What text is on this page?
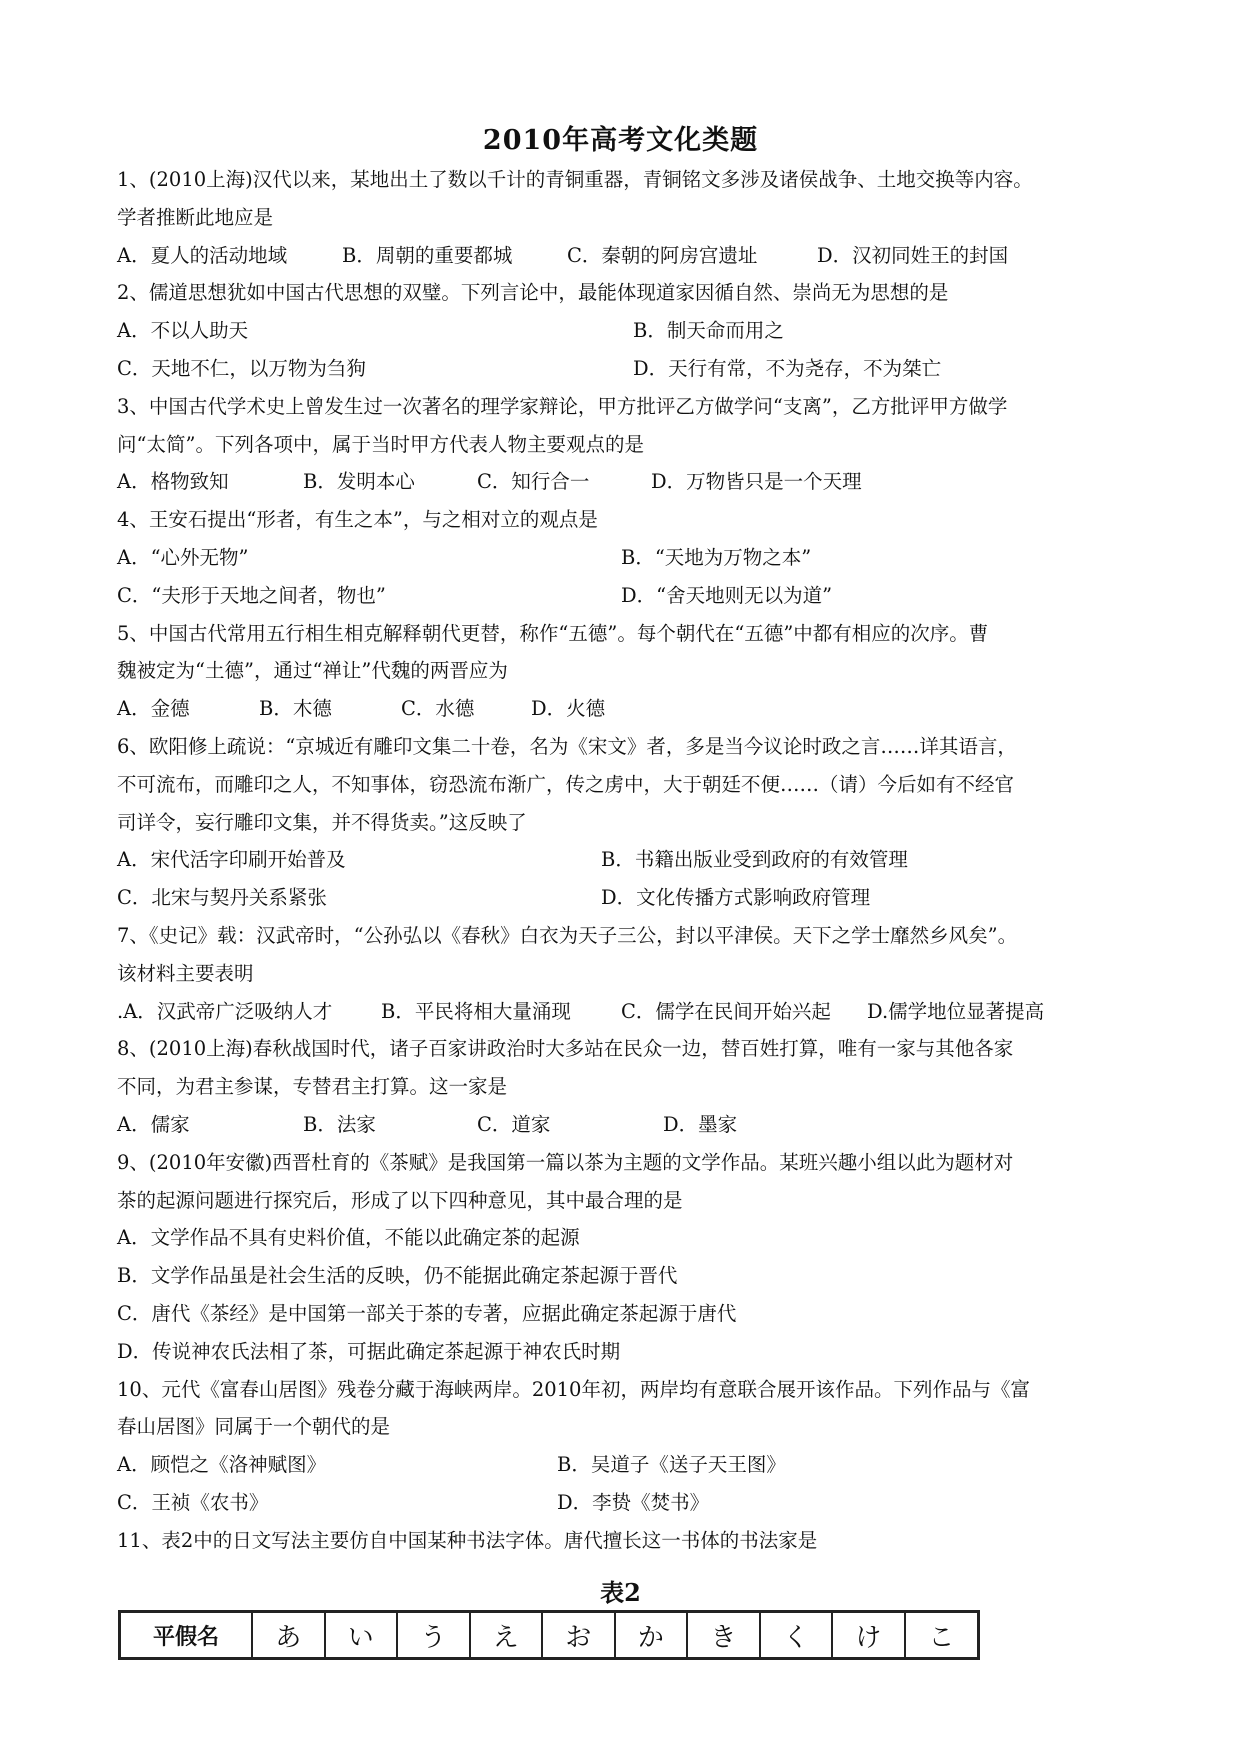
2010年高考文化类题
1、(2010上海)汉代以来，某地出土了数以千计的青铜重器，青铜铭文多涉及诸侯战争、土地交换等内容。
学者推断此地应是
A．夏人的活动地域	B．周朝的重要都城	C．秦朝的阿房宫遗址	D．汉初同姓王的封国
2、儒道思想犹如中国古代思想的双璧。下列言论中，最能体现道家因循自然、崇尚无为思想的是
A．不以人助天	B．制天命而用之
C．天地不仁，以万物为刍狗	D．天行有常，不为尧存，不为桀亡
3、中国古代学术史上曾发生过一次著名的理学家辩论，甲方批评乙方做学问“支离”，乙方批评甲方做学
问“太简”。下列各项中，属于当时甲方代表人物主要观点的是
A．格物致知	B．发明本心	C．知行合一	D．万物皆只是一个天理
4、王安石提出“形者，有生之本”，与之相对立的观点是
A．“心外无物”	B．“天地为万物之本”
C．“夫形于天地之间者，物也”	D．“舍天地则无以为道”
5、中国古代常用五行相生相克解释朝代更替，称作“五德”。每个朝代在“五德”中都有相应的次序。曹
魏被定为“土德”，通过“禅让”代魏的两晋应为
A．金德	B．木德	C．水德	D．火德
6、欧阳修上疏说：“京城近有雕印文集二十卷，名为《宋文》者，多是当今议论时政之言……详其语言，
不可流布，而雕印之人，不知事体，窃恐流布渐广，传之虏中，大于朝廷不便……（请）今后如有不经官
司详令，妄行雕印文集，并不得货卖。”这反映了
A．宋代活字印刷开始普及	B．书籍出版业受到政府的有效管理
C．北宋与契丹关系紧张	D．文化传播方式影响政府管理
7、《史记》载：汉武帝时，“公孙弘以《春秋》白衣为天子三公，封以平津侯。天下之学士靡然乡风矣”。
该材料主要表明
.A．汉武帝广泛吸纳人才	B．平民将相大量涌现	C．儒学在民间开始兴起	D.儒学地位显著提高
8、(2010上海)春秋战国时代，诸子百家讲政治时大多站在民众一边，替百姓打算，唯有一家与其他各家
不同，为君主参谋，专替君主打算。这一家是
A．儒家	B．法家	C．道家	D．墨家
9、(2010年安徽)西晋杜育的《茶赋》是我国第一篇以茶为主题的文学作品。某班兴趣小组以此为题材对
茶的起源问题进行探究后，形成了以下四种意见，其中最合理的是
A．文学作品不具有史料价值，不能以此确定茶的起源
B．文学作品虽是社会生活的反映，仍不能据此确定茶起源于晋代
C．唐代《茶经》是中国第一部关于茶的专著，应据此确定茶起源于唐代
D．传说神农氏法相了茶，可据此确定茶起源于神农氏时期
10、元代《富春山居图》残卷分藏于海峡两岸。2010年初，两岸均有意联合展开该作品。下列作品与《富
春山居图》同属于一个朝代的是
A．顾恺之《洛神赋图》	B．吴道子《送子天王图》
C．王祯《农书》	D．李贽《焚书》
11、表2中的日文写法主要仿自中国某种书法字体。唐代擅长这一书体的书法家是
表2
平假名	あ	い	う	え	お	か	き	く	け	こ
